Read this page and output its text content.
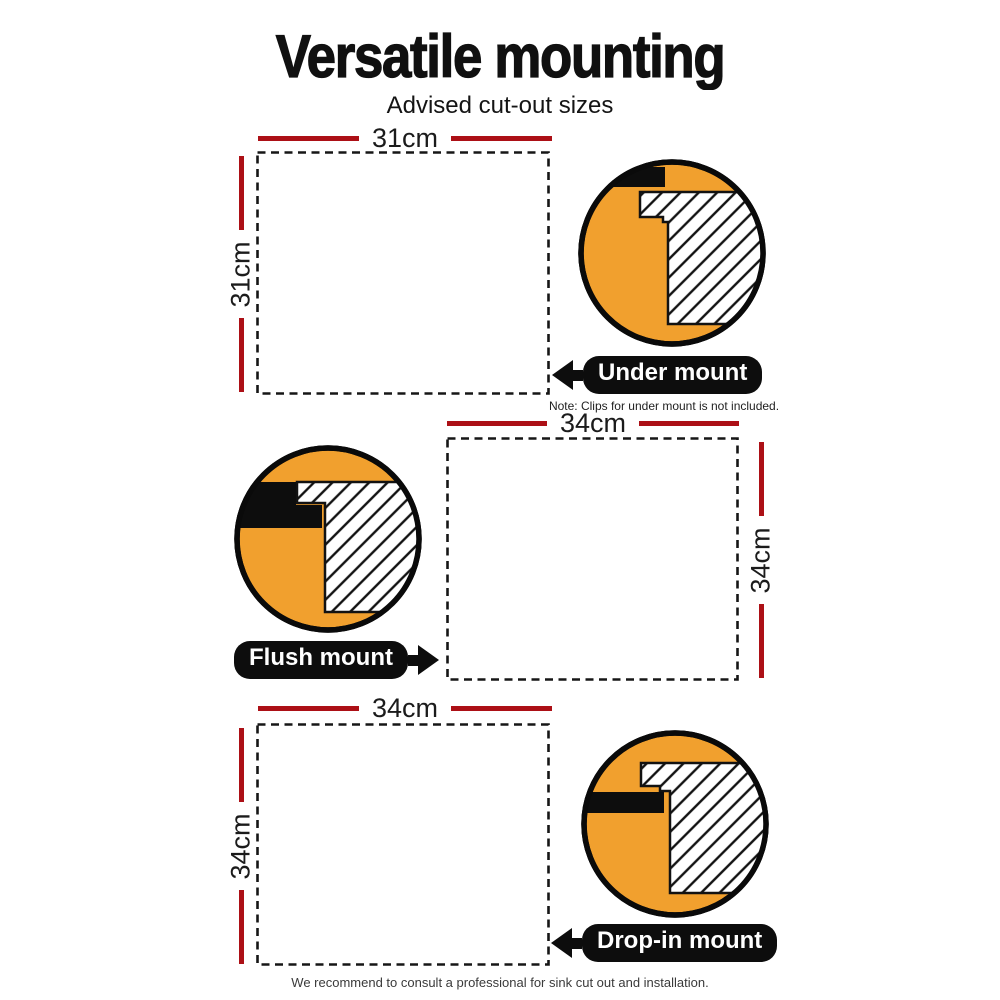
Versatile mounting
Advised cut-out sizes
31cm
31cm
Under mount
Note: Clips for under mount is not included.
34cm
34cm
Flush mount
34cm
34cm
Drop-in mount
We recommend to consult a professional for sink cut out and installation.
